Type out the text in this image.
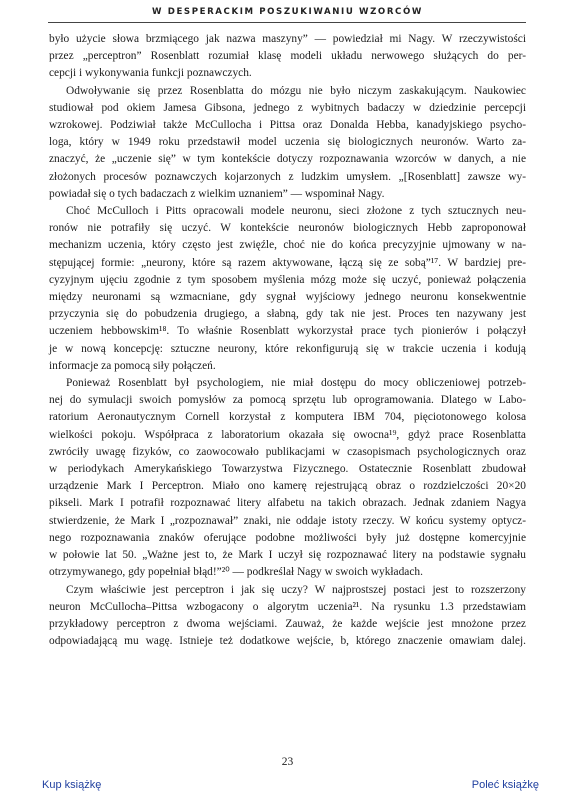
W DESPERACKIM POSZUKIWANIU WZORCÓW

było użycie słowa brzmiącego jak nazwa maszyny” — powiedział mi Nagy. W rzeczywistości
przez „perceptron” Rosenblatt rozumiał klasę modeli układu nerwowego służących do per-
cepcji i wykonywania funkcji poznawczych.

Odwoływanie się przez Rosenblatta do mózgu nie było niczym zaskakującym. Naukowiec
studiował pod okiem Jamesa Gibsona, jednego z wybitnych badaczy w dziedzinie percepcji
wzrokowej. Podziwiał także McCullocha i Pittsa oraz Donalda Hebba, kanadyjskiego psycho-
loga, który w 1949 roku przedstawił model uczenia się biologicznych neuronów. Warto za-
znaczyć, że „uczenie się” w tym kontekście dotyczy rozpoznawania wzorców w danych, a nie
złożonych procesów poznawczych kojarzonych z ludzkim umysłem. „[Rosenblatt] zawsze wy-
powiadał się o tych badaczach z wielkim uznaniem” — wspominał Nagy.

Choć McCulloch i Pitts opracowali modele neuronu, sieci złożone z tych sztucznych neu-
ronów nie potrafiły się uczyć. W kontekście neuronów biologicznych Hebb zaproponował
mechanizm uczenia, który często jest zwięźle, choć nie do końca precyzyjnie ujmowany w na-
stępującej formie: „neurony, które są razem aktywowane, łączą się ze sobą”¹⁷. W bardziej pre-
cyzyjnym ujęciu zgodnie z tym sposobem myślenia mózg może się uczyć, ponieważ połączenia
między neuronami są wzmacniane, gdy sygnał wyjściowy jednego neuronu konsekwentnie
przyczynia się do pobudzenia drugiego, a słabną, gdy tak nie jest. Proces ten nazywany jest
uczeniem hebbowskim¹⁸. To właśnie Rosenblatt wykorzystał prace tych pionierów i połączył
je w nową koncepcję: sztuczne neurony, które rekonfigurują się w trakcie uczenia i kodują
informacje za pomocą siły połączeń.

Ponieważ Rosenblatt był psychologiem, nie miał dostępu do mocy obliczeniowej potrzeb-
nej do symulacji swoich pomysłów za pomocą sprzętu lub oprogramowania. Dlatego w Labo-
ratorium Aeronautycznym Cornell korzystał z komputera IBM 704, pięciotonowego kolosa
wielkości pokoju. Współpraca z laboratorium okazała się owocna¹⁹, gdyż prace Rosenblatta
zwróciły uwagę fizyków, co zaowocowało publikacjami w czasopismach psychologicznych oraz
w periodykach Amerykańskiego Towarzystwa Fizycznego. Ostatecznie Rosenblatt zbudował
urządzenie Mark I Perceptron. Miało ono kamerę rejestrującą obraz o rozdzielczości 20×20
pikseli. Mark I potrafił rozpoznawać litery alfabetu na takich obrazach. Jednak zdaniem Nagya
stwierdzenie, że Mark I „rozpoznawał” znaki, nie oddaje istoty rzeczy. W końcu systemy optycz-
nego rozpoznawania znaków oferujące podobne możliwości były już dostępne komercyjnie
w połowie lat 50. „Ważne jest to, że Mark I uczył się rozpoznawać litery na podstawie sygnału
otrzymywanego, gdy popełniał błąd!”²⁰ — podkreślał Nagy w swoich wykładach.

Czym właściwie jest perceptron i jak się uczy? W najprostszej postaci jest to rozszerzony
neuron McCullocha–Pittsa wzbogacony o algorytm uczenia²¹. Na rysunku 1.3 przedstawiam
przykładowy perceptron z dwoma wejściami. Zauważ, że każde wejście jest mnożone przez
odpowiadającą mu wagę. Istnieje też dodatkowe wejście, b, którego znaczenie omawiam dalej.

23
Kup książkę	Poleć książkę
